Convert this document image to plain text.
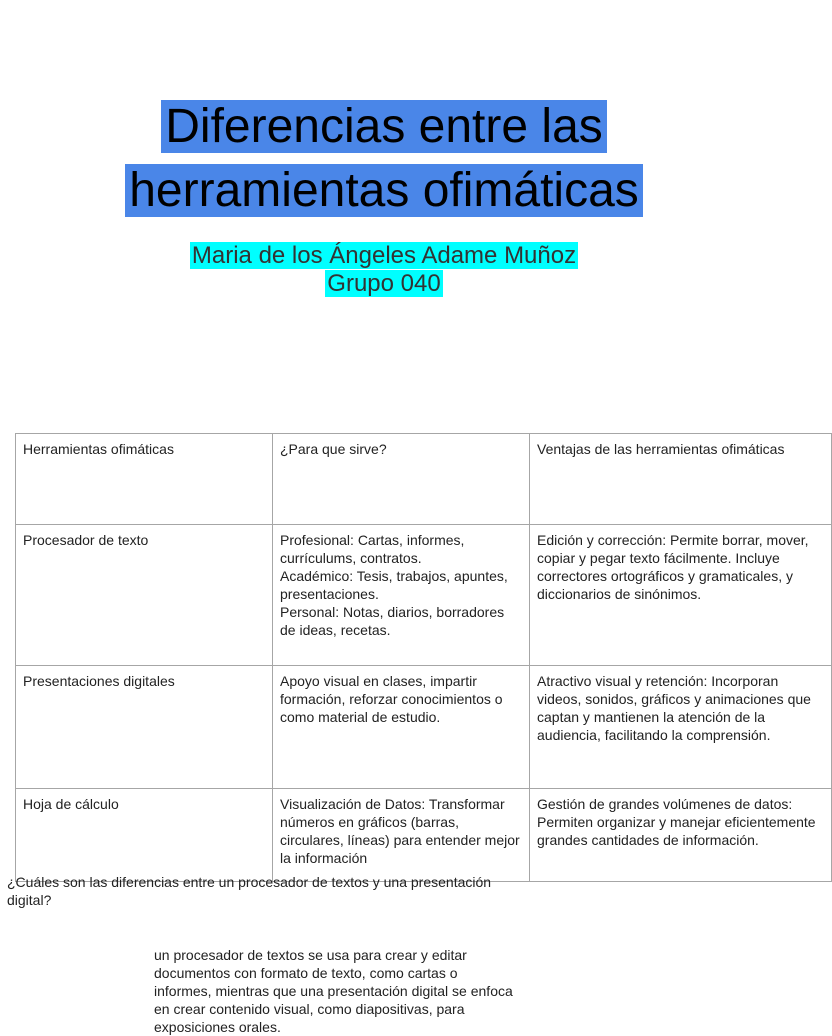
Diferencias entre las
herramientas ofimáticas
Maria de los Ángeles Adame Muñoz
Grupo 040
Herramientas ofimáticas	¿Para que sirve?	Ventajas de las herramientas ofimáticas

Procesador de texto	Profesional: Cartas, informes, currículums, contratos.
Académico: Tesis, trabajos, apuntes, presentaciones.
Personal: Notas, diarios, borradores de ideas, recetas.	Edición y corrección: Permite borrar, mover, copiar y pegar texto fácilmente. Incluye correctores ortográficos y gramaticales, y diccionarios de sinónimos.

Presentaciones digitales	Apoyo visual en clases, impartir formación, reforzar conocimientos o como material de estudio.	Atractivo visual y retención: Incorporan videos, sonidos, gráficos y animaciones que captan y mantienen la atención de la audiencia, facilitando la comprensión.

Hoja de cálculo	Visualización de Datos: Transformar números en gráficos (barras, circulares, líneas) para entender mejor la información	Gestión de grandes volúmenes de datos: Permiten organizar y manejar eficientemente grandes cantidades de información.
¿Cuáles son las diferencias entre un procesador de textos y una presentación digital?
un procesador de textos se usa para crear y editar documentos con formato de texto, como cartas o informes, mientras que una presentación digital se enfoca en crear contenido visual, como diapositivas, para exposiciones orales.
